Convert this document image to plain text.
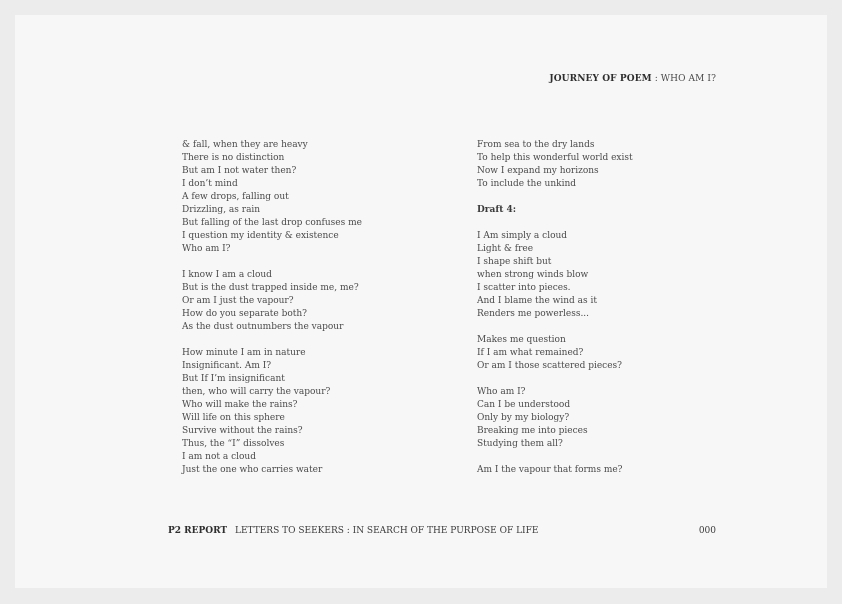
JOURNEY OF POEM : WHO AM I?
& fall, when they are heavy
There is no distinction
But am I not water then?
I don’t mind
A few drops, falling out
Drizzling, as rain
But falling of the last drop confuses me
I question my identity & existence
Who am I?
I know I am a cloud
But is the dust trapped inside me, me?
Or am I just the vapour?
How do you separate both?
As the dust outnumbers the vapour
How minute I am in nature
Insignificant. Am I?
But If I’m insignificant
then, who will carry the vapour?
Who will make the rains?
Will life on this sphere
Survive without the rains?
Thus, the “I” dissolves
I am not a cloud
Just the one who carries water
From sea to the dry lands
To help this wonderful world exist
Now I expand my horizons
To include the unkind
Draft 4:
I Am simply a cloud
Light & free
I shape shift but
when strong winds blow
I scatter into pieces.
And I blame the wind as it
Renders me powerless...
Makes me question
If I am what remained?
Or am I those scattered pieces?
Who am I?
Can I be understood
Only by my biology?
Breaking me into pieces
Studying them all?
Am I the vapour that forms me?
P2 REPORT LETTERS TO SEEKERS : IN SEARCH OF THE PURPOSE OF LIFE	000
